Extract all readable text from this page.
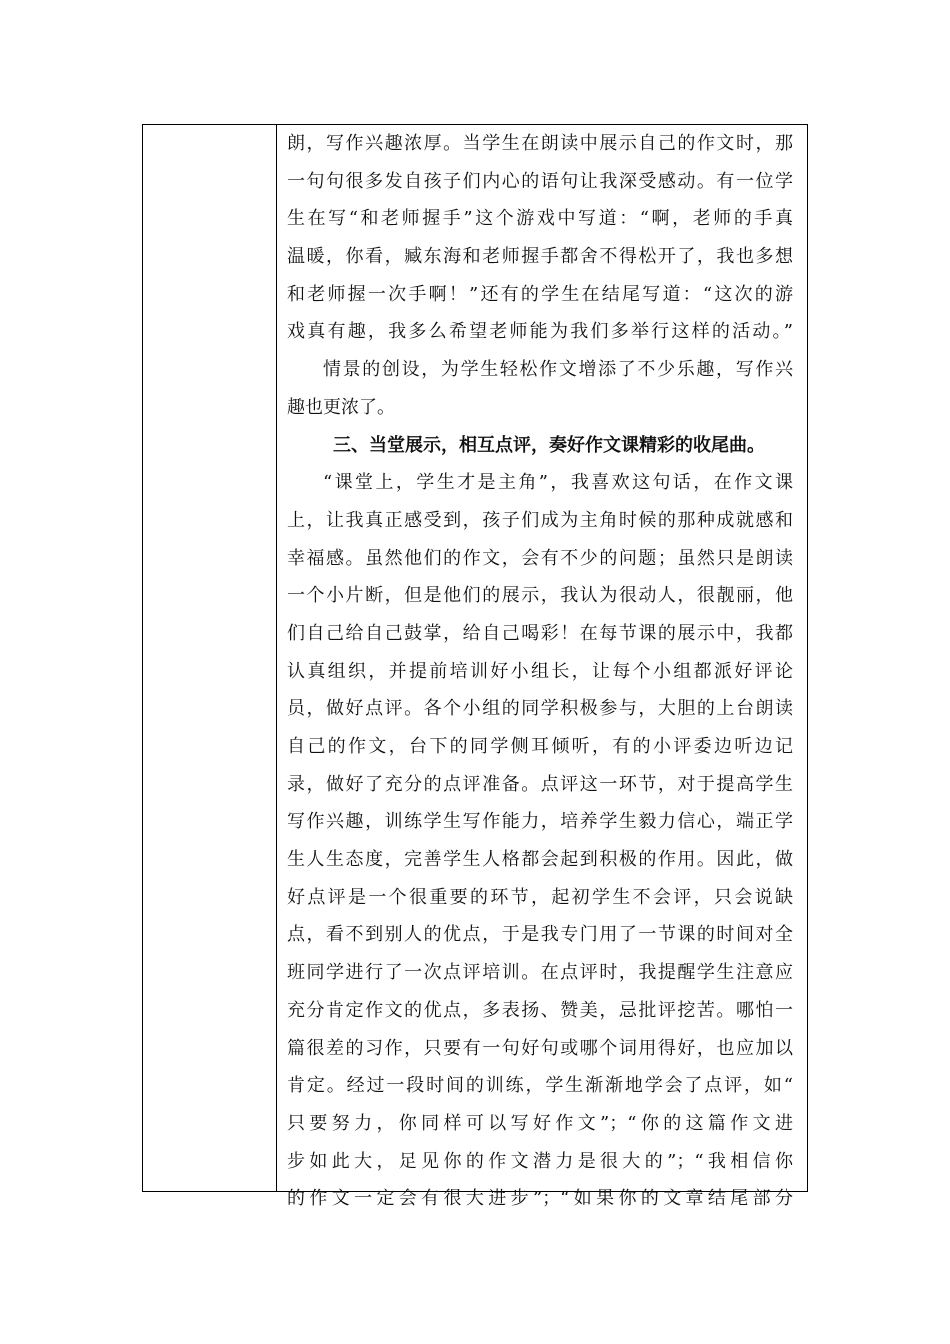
朗，写作兴趣浓厚。当学生在朗读中展示自己的作文时，那
一句句很多发自孩子们内心的语句让我深受感动。有一位学
生在写“和老师握手”这个游戏中写道：“啊，老师的手真
温暖，你看，臧东海和老师握手都舍不得松开了，我也多想
和老师握一次手啊！”还有的学生在结尾写道：“这次的游
戏真有趣，我多么希望老师能为我们多举行这样的活动。”
情景的创设，为学生轻松作文增添了不少乐趣，写作兴
趣也更浓了。
三、当堂展示，相互点评，奏好作文课精彩的收尾曲。
“课堂上，学生才是主角”，我喜欢这句话，在作文课
上，让我真正感受到，孩子们成为主角时候的那种成就感和
幸福感。虽然他们的作文，会有不少的问题；虽然只是朗读
一个小片断，但是他们的展示，我认为很动人，很靓丽，他
们自己给自己鼓掌，给自己喝彩！在每节课的展示中，我都
认真组织，并提前培训好小组长，让每个小组都派好评论
员，做好点评。各个小组的同学积极参与，大胆的上台朗读
自己的作文，台下的同学侧耳倾听，有的小评委边听边记
录，做好了充分的点评准备。点评这一环节，对于提高学生
写作兴趣，训练学生写作能力，培养学生毅力信心，端正学
生人生态度，完善学生人格都会起到积极的作用。因此，做
好点评是一个很重要的环节，起初学生不会评，只会说缺
点，看不到别人的优点，于是我专门用了一节课的时间对全
班同学进行了一次点评培训。在点评时，我提醒学生注意应
充分肯定作文的优点，多表扬、赞美，忌批评挖苦。哪怕一
篇很差的习作，只要有一句好句或哪个词用得好，也应加以
肯定。经过一段时间的训练，学生渐渐地学会了点评，如“
只要努力，你同样可以写好作文”；“你的这篇作文进
步如此大，足见你的作文潜力是很大的”；“我相信你
的作文一定会有很大进步”；“如果你的文章结尾部分
